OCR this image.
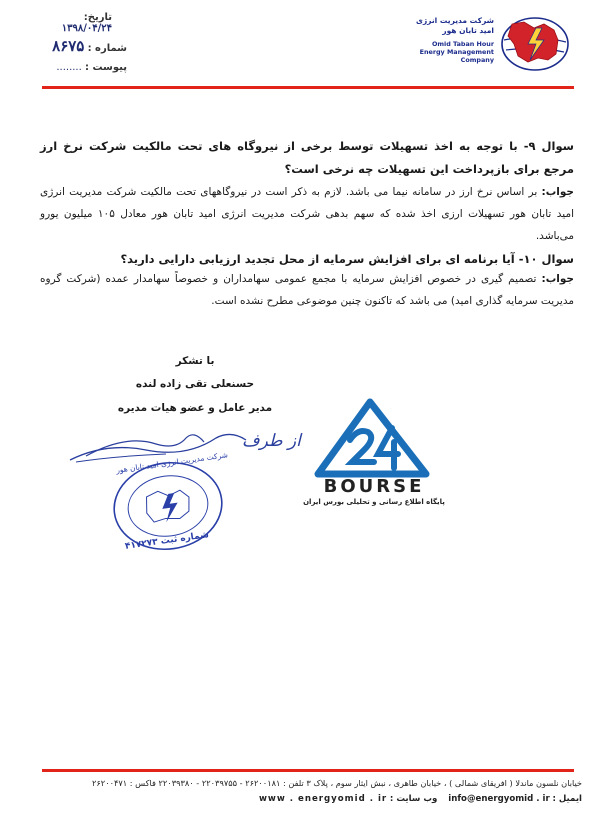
تاریخ: ۱۳۹۸/۰۴/۲۴
شماره : ۸۶۷۵
پیوست : ........
شرکت مدیریت انرژی
امید تابان هور
Omid Taban Hour
Energy Management
Company
سوال ۹- با توجه به اخذ تسهیلات توسط برخی از نیروگاه های تحت مالکیت شرکت نرخ ارز مرجع برای بازپرداخت این تسهیلات چه نرخی است؟
جواب: بر اساس نرخ ارز در سامانه نیما می باشد. لازم به ذکر است در نیروگاههای تحت مالکیت شرکت مدیریت انرژی امید تابان هور تسهیلات ارزی اخذ شده که سهم بدهی شرکت مدیریت انرژی امید تابان هور معادل ۱۰۵ میلیون یورو می‌باشد.
سوال ۱۰- آیا برنامه ای برای افزایش سرمایه از محل تجدید ارزیابی دارایی دارید؟
جواب: تصمیم گیری در خصوص افزایش سرمایه با مجمع عمومی سهامداران و خصوصاً سهامدار عمده (شرکت گروه مدیریت سرمایه گذاری امید) می باشد که تاکنون چنین موضوعی مطرح نشده است.
با تشکر
حسنعلی تقی زاده لنده
مدیر عامل و عضو هیات مدیره
از طرف
شرکت مدیریت انرژی امید تابان هور
شماره ثبت ۴۱۷۲۷۳
BOURSE
پایگاه اطلاع رسانی و تحلیلی بورس ایران
خیابان نلسون ماندلا ( افریقای شمالی ) ، خیابان طاهری ، نبش ایثار سوم ، پلاک ۳ تلفن : ۲۶۲۰۰۱۸۱ - ۲۲۰۳۹۷۵۵ - ۲۲۰۳۹۳۸۰ فاکس : ۲۶۲۰۰۴۷۱
ایمیل : info@energyomid . ir    وب سایت : www . energyomid . ir
